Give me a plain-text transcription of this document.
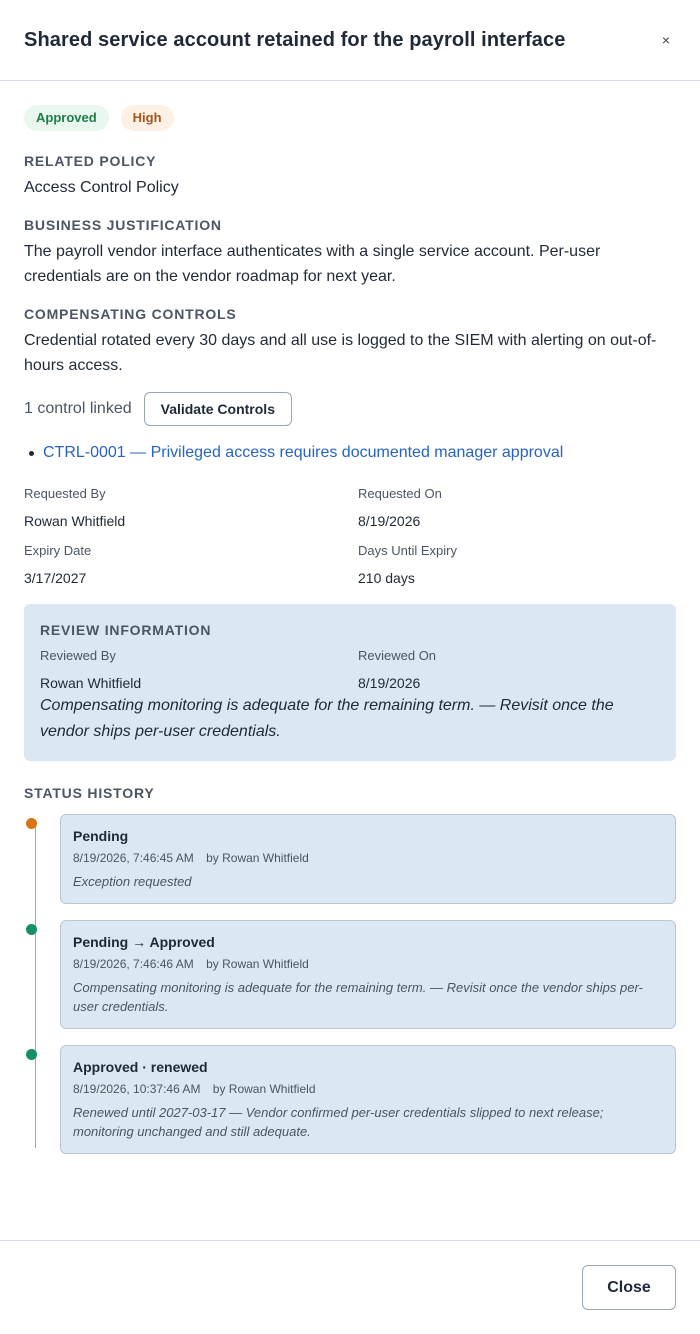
Shared service account retained for the payroll interface	×
Approved	High
RELATED POLICY
Access Control Policy
BUSINESS JUSTIFICATION
The payroll vendor interface authenticates with a single service account. Per-user credentials are on the vendor roadmap for next year.
COMPENSATING CONTROLS
Credential rotated every 30 days and all use is logged to the SIEM with alerting on out-of-hours access.
1 control linked	Validate Controls
CTRL-0001 — Privileged access requires documented manager approval
Requested By
Rowan Whitfield
Requested On
8/19/2026
Expiry Date
3/17/2027
Days Until Expiry
210 days
REVIEW INFORMATION
Reviewed By
Rowan Whitfield
Reviewed On
8/19/2026
Compensating monitoring is adequate for the remaining term. — Revisit once the vendor ships per-user credentials.
STATUS HISTORY
Pending
8/19/2026, 7:46:45 AM by Rowan Whitfield
Exception requested
Pending → Approved
8/19/2026, 7:46:46 AM by Rowan Whitfield
Compensating monitoring is adequate for the remaining term. — Revisit once the vendor ships per-user credentials.
Approved · renewed
8/19/2026, 10:37:46 AM by Rowan Whitfield
Renewed until 2027-03-17 — Vendor confirmed per-user credentials slipped to next release; monitoring unchanged and still adequate.
Close
